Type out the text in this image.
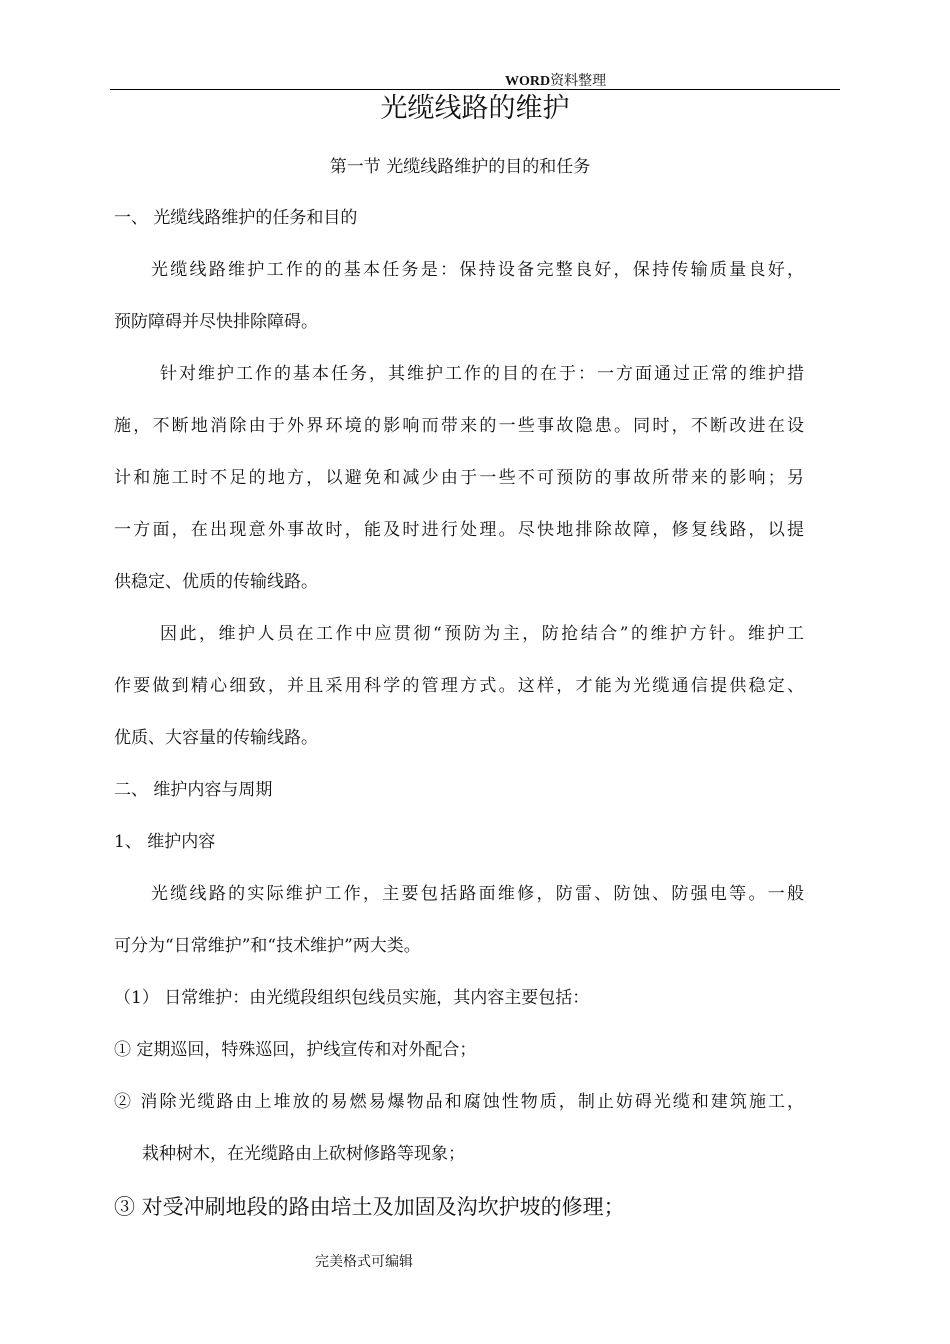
WORD资料整理
光缆线路的维护
第一节 光缆线路维护的目的和任务
一、 光缆线路维护的任务和目的
光缆线路维护工作的的基本任务是：保持设备完整良好，保持传输质量良好，
预防障碍并尽快排除障碍。
针对维护工作的基本任务，其维护工作的目的在于：一方面通过正常的维护措
施，不断地消除由于外界环境的影响而带来的一些事故隐患。同时，不断改进在设
计和施工时不足的地方，以避免和减少由于一些不可预防的事故所带来的影响；另
一方面，在出现意外事故时，能及时进行处理。尽快地排除故障，修复线路，以提
供稳定、优质的传输线路。
因此，维护人员在工作中应贯彻“预防为主，防抢结合”的维护方针。维护工
作要做到精心细致，并且采用科学的管理方式。这样，才能为光缆通信提供稳定、
优质、大容量的传输线路。
二、 维护内容与周期
1、 维护内容
光缆线路的实际维护工作，主要包括路面维修，防雷、防蚀、防强电等。一般
可分为“日常维护”和“技术维护”两大类。
（1） 日常维护：由光缆段组织包线员实施，其内容主要包括：
① 定期巡回，特殊巡回，护线宣传和对外配合；
② 消除光缆路由上堆放的易燃易爆物品和腐蚀性物质，制止妨碍光缆和建筑施工，
栽种树木，在光缆路由上砍树修路等现象；
③ 对受冲刷地段的路由培土及加固及沟坎护坡的修理；
完美格式可编辑
